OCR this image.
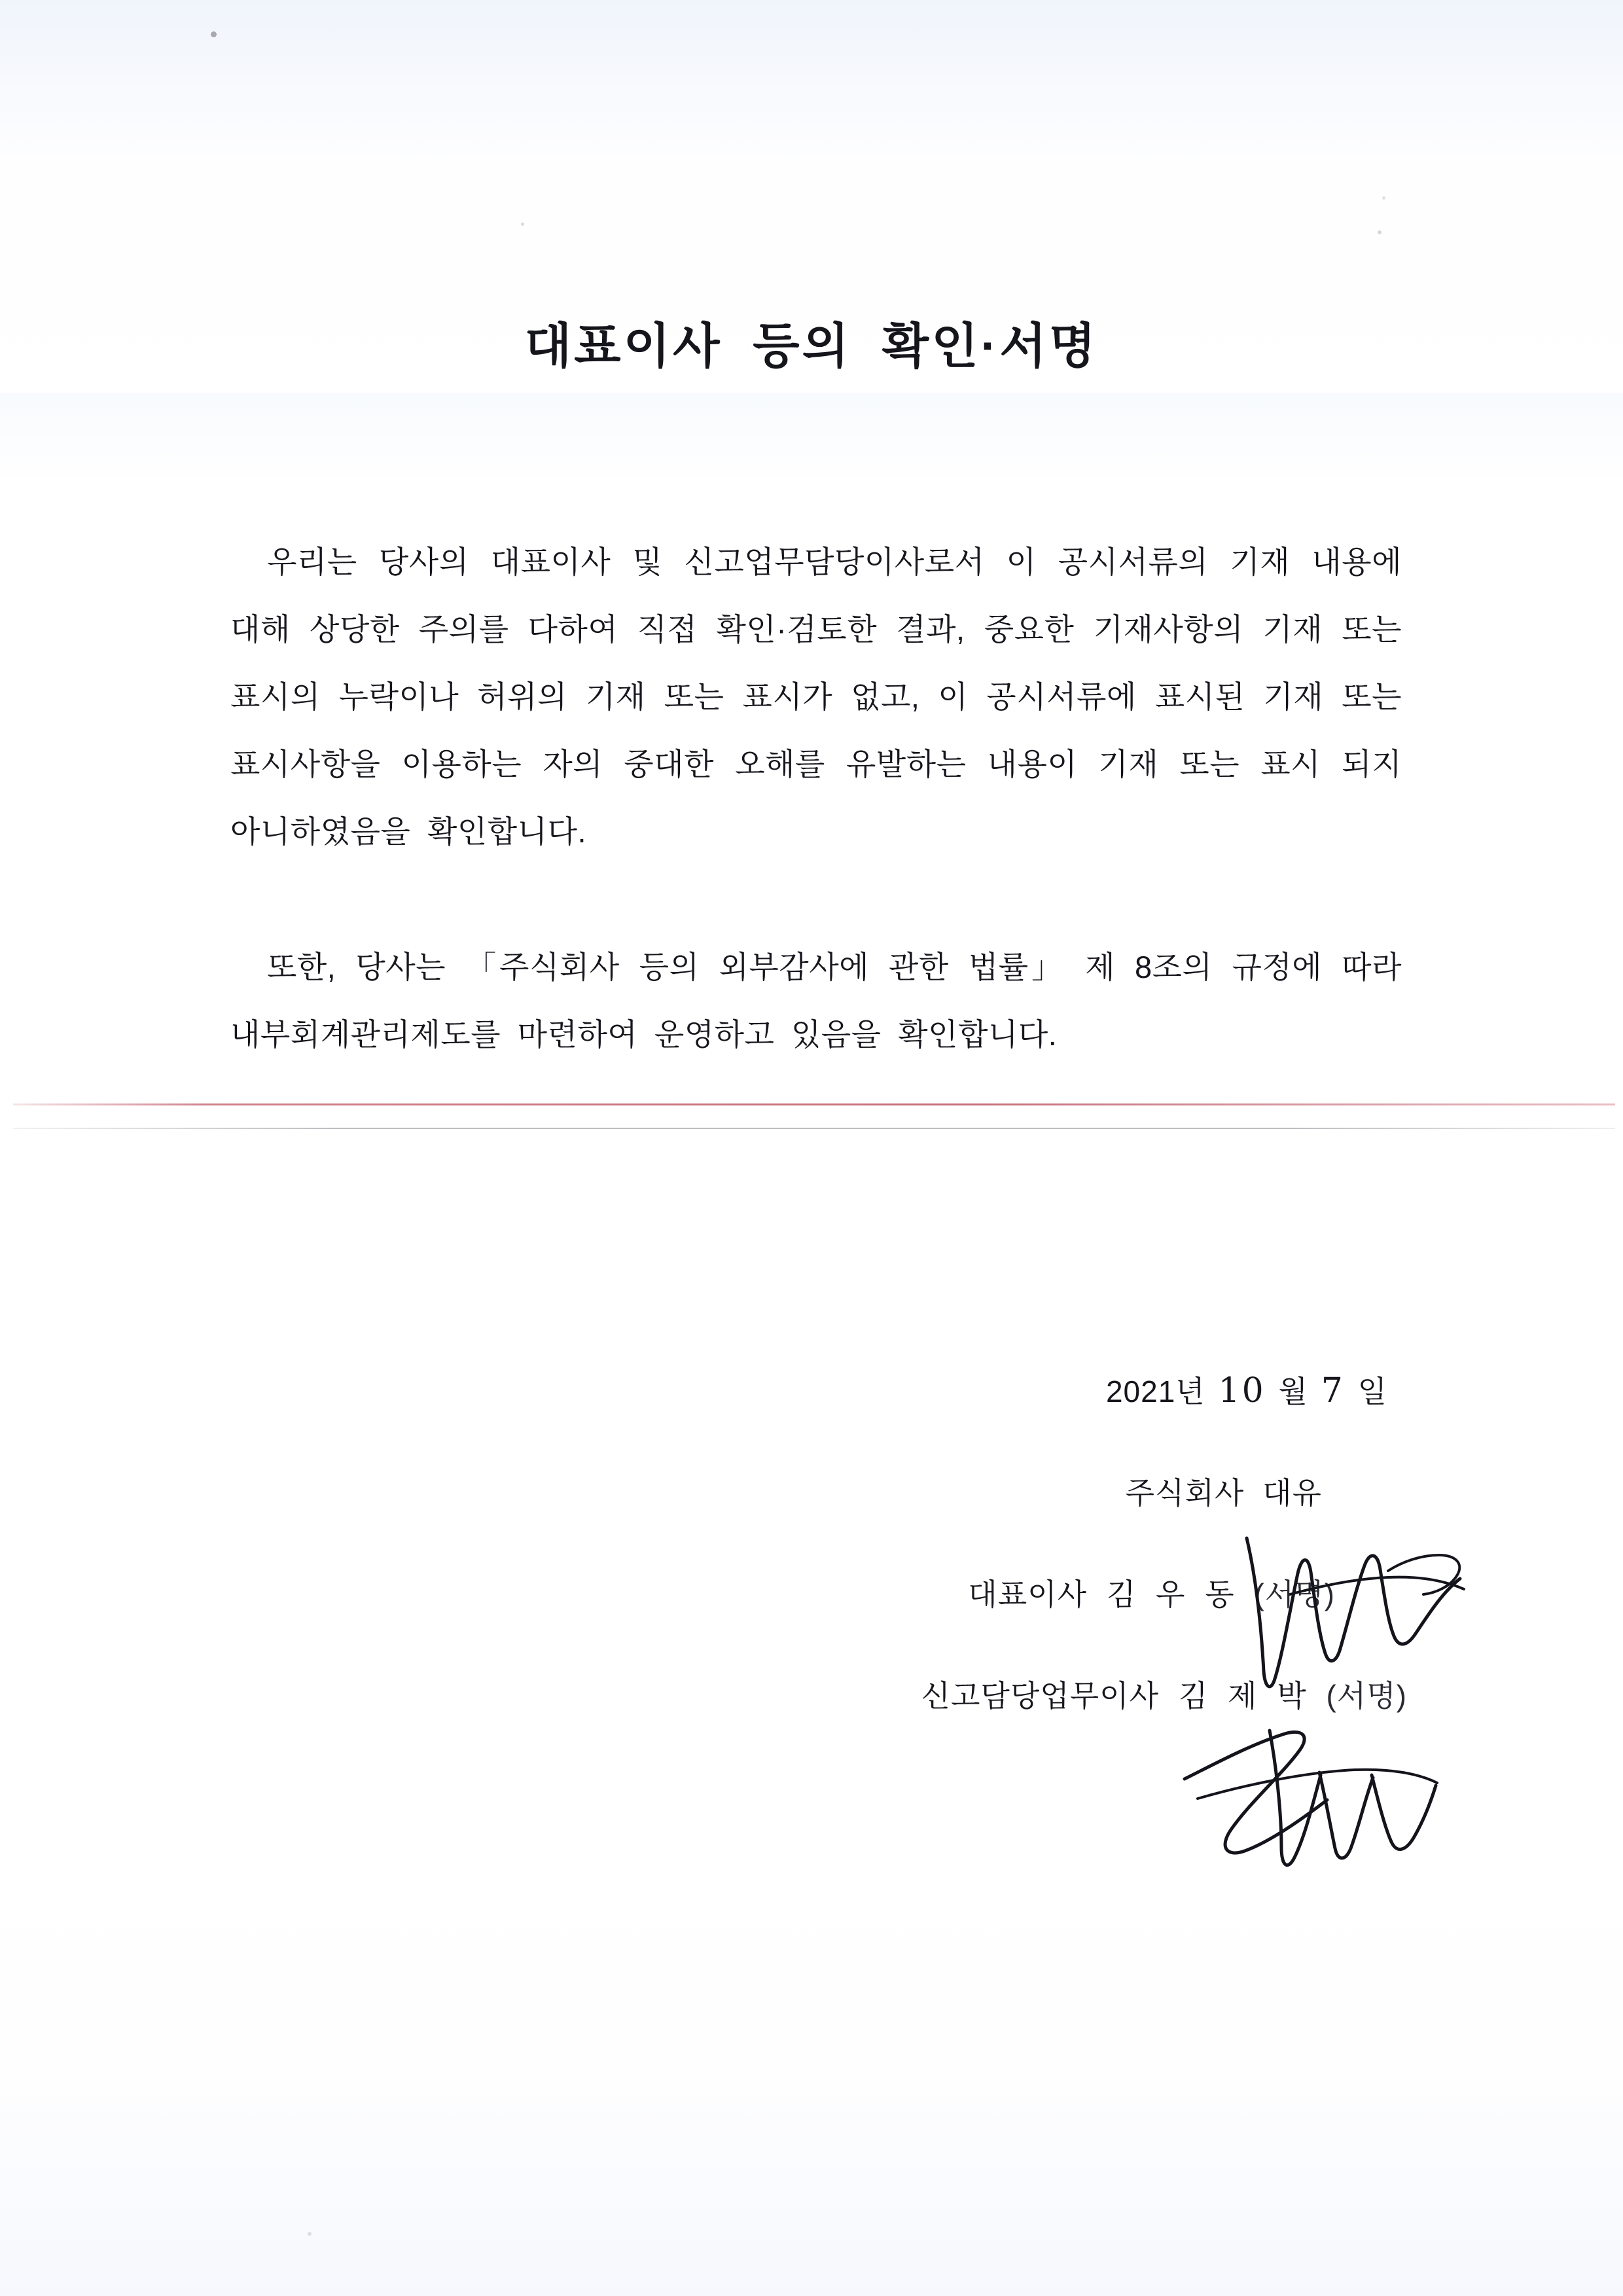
대표이사 등의 확인·서명

우리는 당사의 대표이사 및 신고업무담당이사로서 이 공시서류의 기재 내용에 대해 상당한 주의를 다하여 직접 확인·검토한 결과, 중요한 기재사항의 기재 또는 표시의 누락이나 허위의 기재 또는 표시가 없고, 이 공시서류에 표시된 기재 또는 표시사항을 이용하는 자의 중대한 오해를 유발하는 내용이 기재 또는 표시 되지 아니하였음을 확인합니다.

또한, 당사는 「주식회사 등의 외부감사에 관한 법률」 제 8조의 규정에 따라 내부회계관리제도를 마련하여 운영하고 있음을 확인합니다.

2021년 10 월 7 일
주식회사 대유
대표이사 김 우 동 (서명)
신고담당업무이사 김 제 박 (서명)
